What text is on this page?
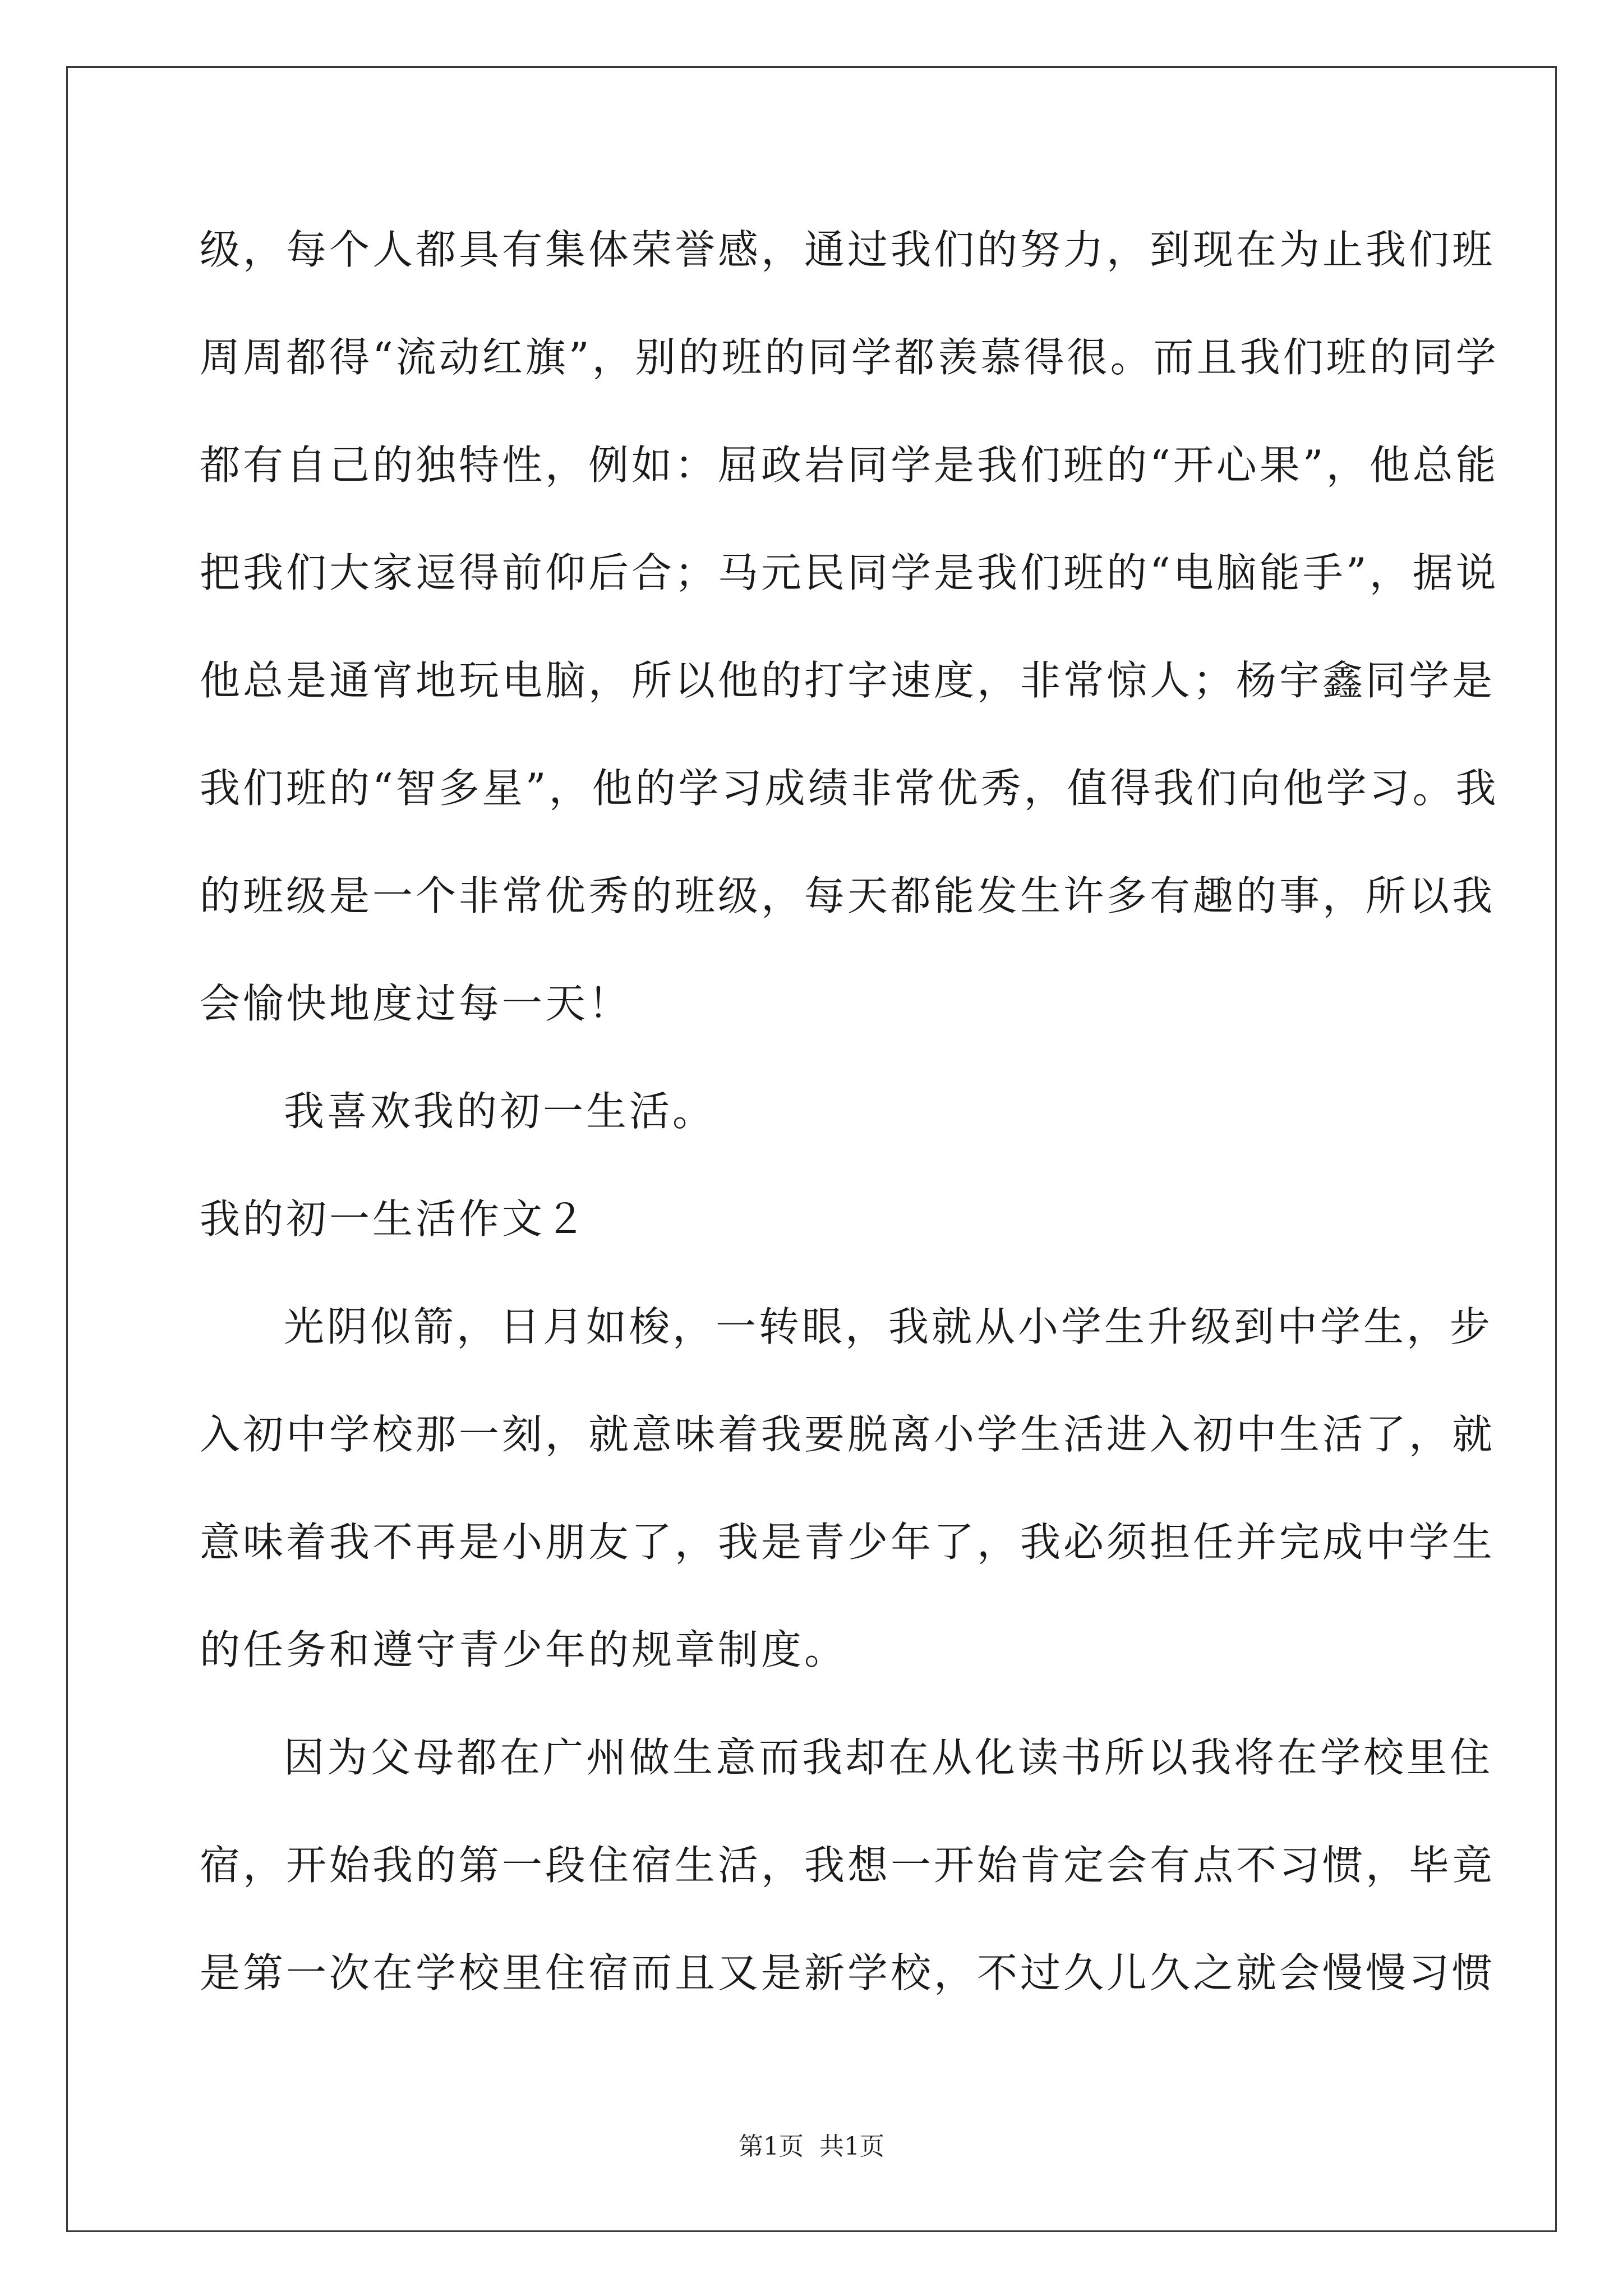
级，每个人都具有集体荣誉感，通过我们的努力，到现在为止我们班
周周都得“流动红旗”，别的班的同学都羡慕得很。而且我们班的同学
都有自己的独特性，例如：屈政岩同学是我们班的“开心果”，他总能
把我们大家逗得前仰后合；马元民同学是我们班的“电脑能手”，据说
他总是通宵地玩电脑，所以他的打字速度，非常惊人；杨宇鑫同学是
我们班的“智多星”，他的学习成绩非常优秀，值得我们向他学习。我
的班级是一个非常优秀的班级，每天都能发生许多有趣的事，所以我
会愉快地度过每一天！
我喜欢我的初一生活。
我的初一生活作文２
光阴似箭，日月如梭，一转眼，我就从小学生升级到中学生，步
入初中学校那一刻，就意味着我要脱离小学生活进入初中生活了，就
意味着我不再是小朋友了，我是青少年了，我必须担任并完成中学生
的任务和遵守青少年的规章制度。
因为父母都在广州做生意而我却在从化读书所以我将在学校里住
宿，开始我的第一段住宿生活，我想一开始肯定会有点不习惯，毕竟
是第一次在学校里住宿而且又是新学校，不过久儿久之就会慢慢习惯
第1页 共1页
